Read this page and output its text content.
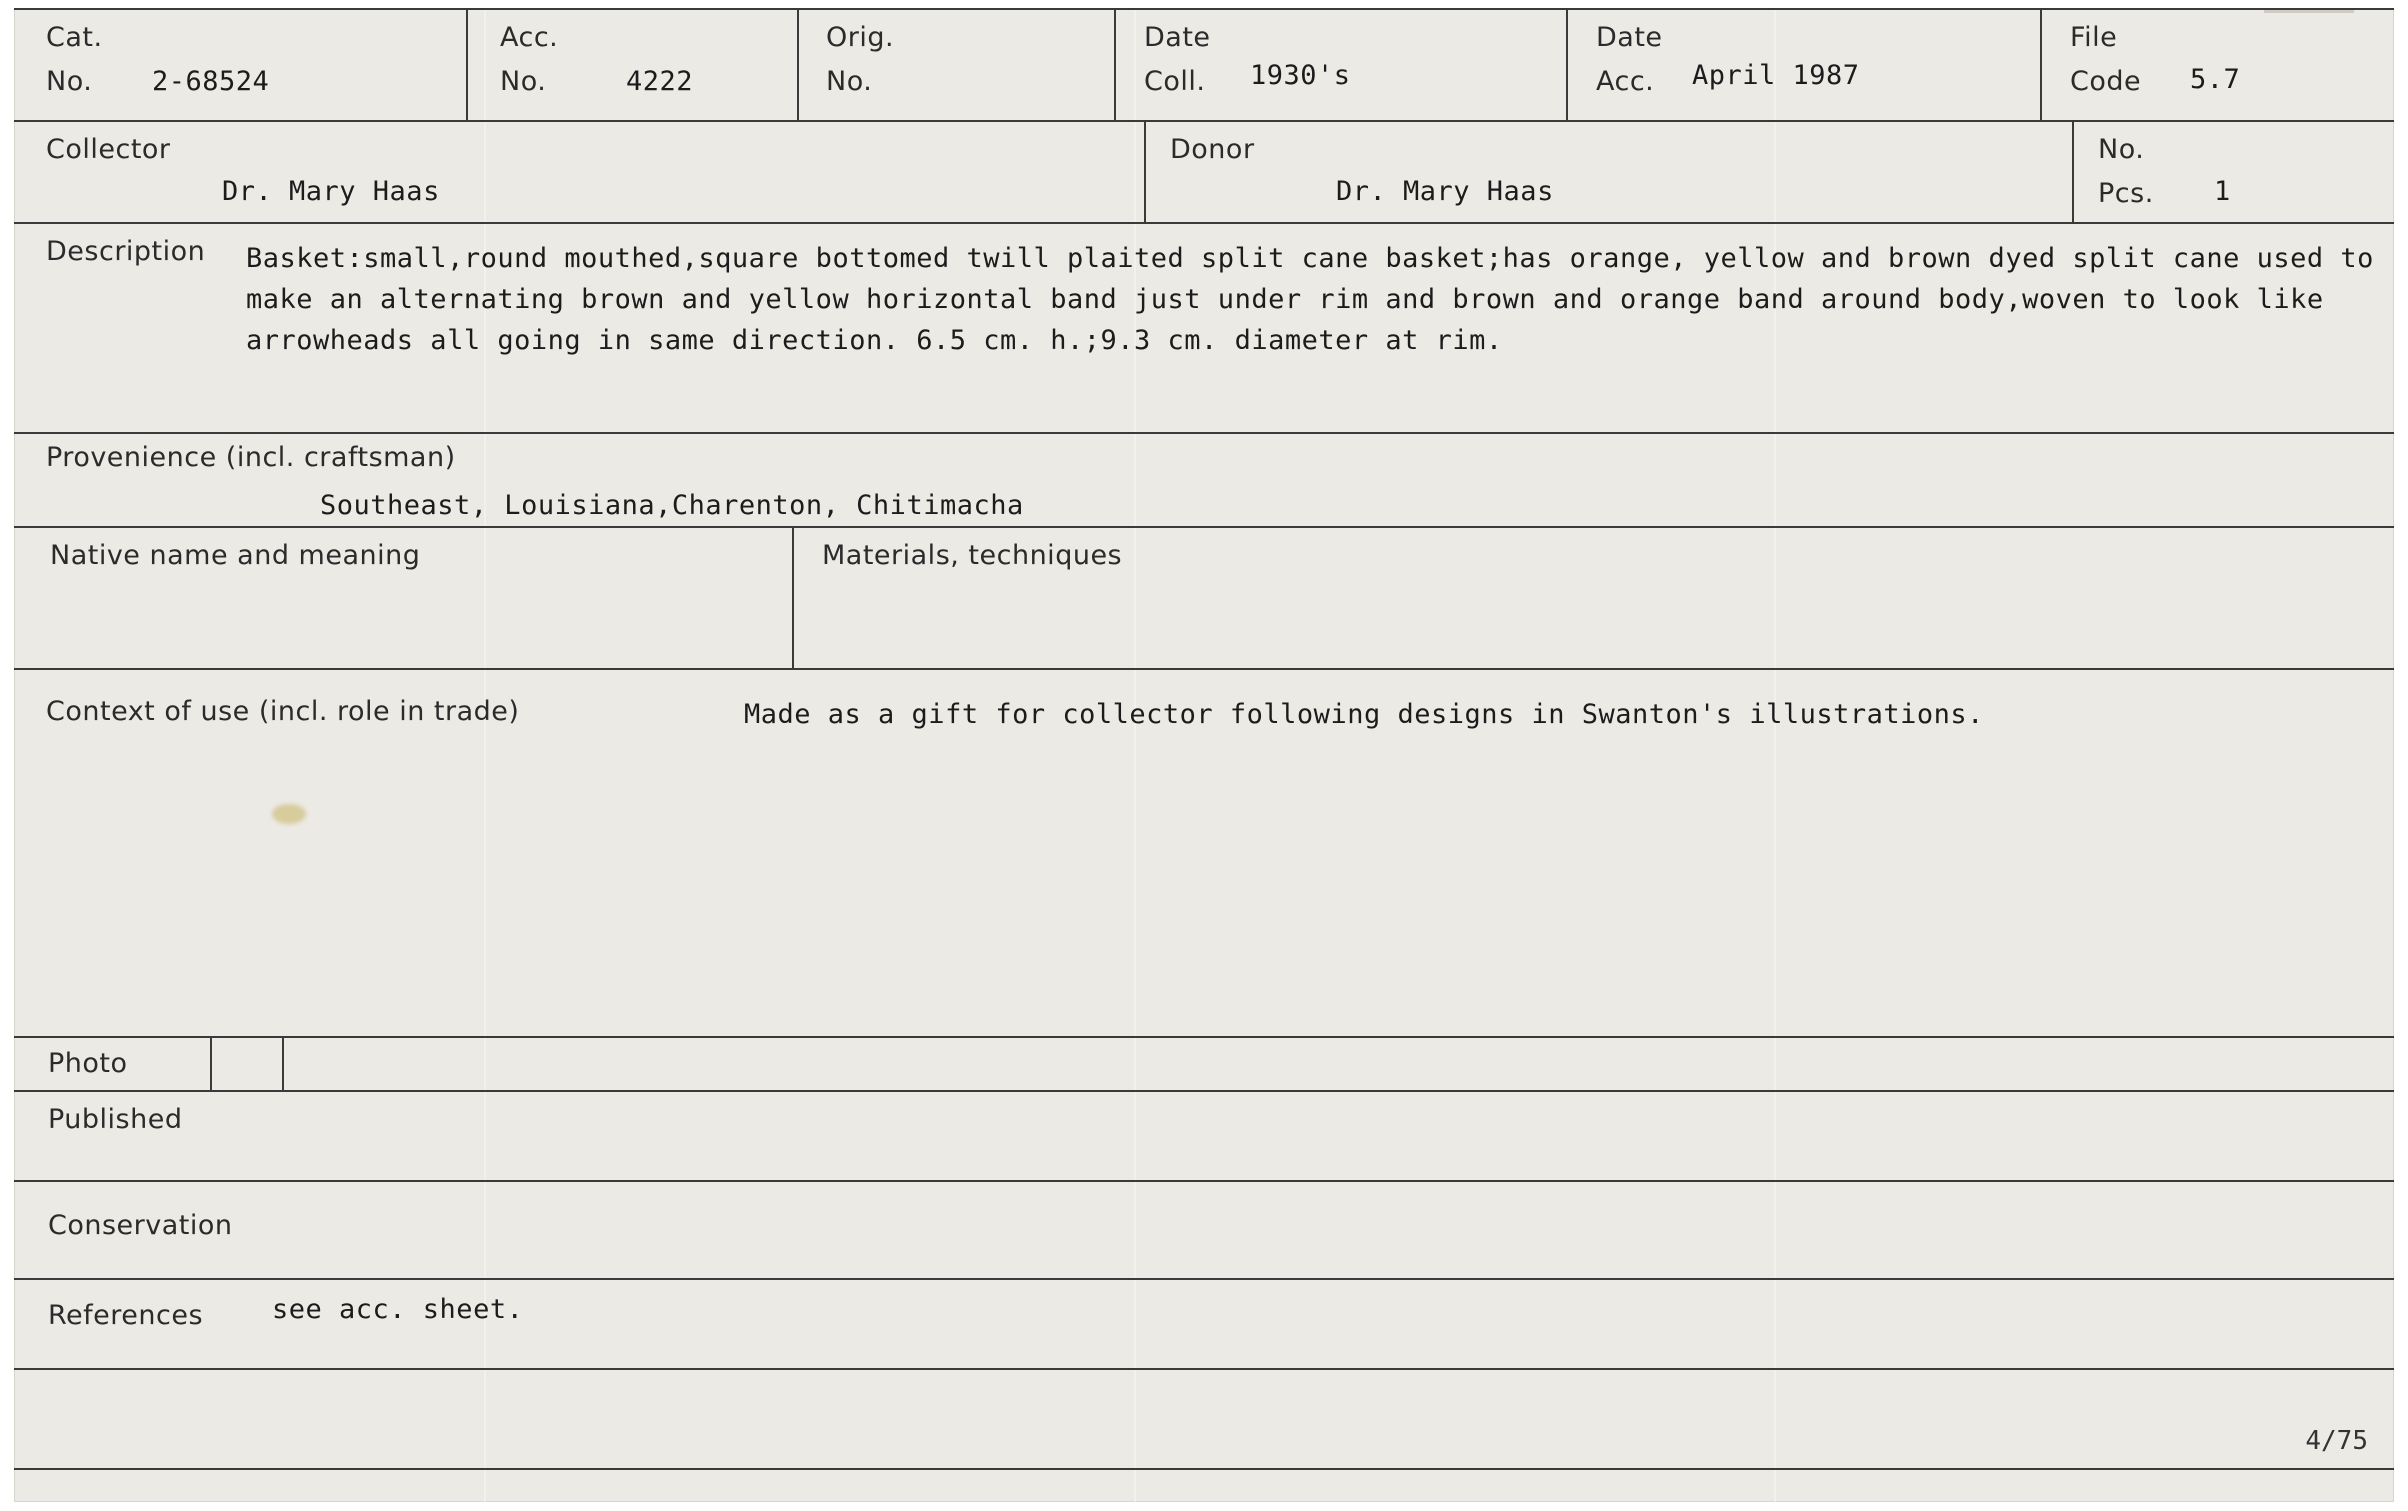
Cat.
No. 2-68524
Acc.
No.	4222
Orig.
No.
Date
Coll. 1930's
Date
Acc. April 1987
File
Code 5.7
Collector
Dr. Mary Haas
Donor
Dr. Mary Haas
No.
Pcs. 1
Description Basket:small,round mouthed,square bottomed twill plaited split cane basket;has orange, yellow and brown dyed split cane used to make an alternating brown and yellow horizontal band just under rim and brown and orange band around body,woven to look like arrowheads all going in same direction. 6.5 cm. h.;9.3 cm. diameter at rim.
Provenience (incl. craftsman)
Southeast, Louisiana,Charenton, Chitimacha
Native name and meaning	Materials, techniques
Context of use (incl. role in trade)	Made as a gift for collector following designs in Swanton's illustrations.
Photo
Published
Conservation
References	see acc. sheet.
4/75
